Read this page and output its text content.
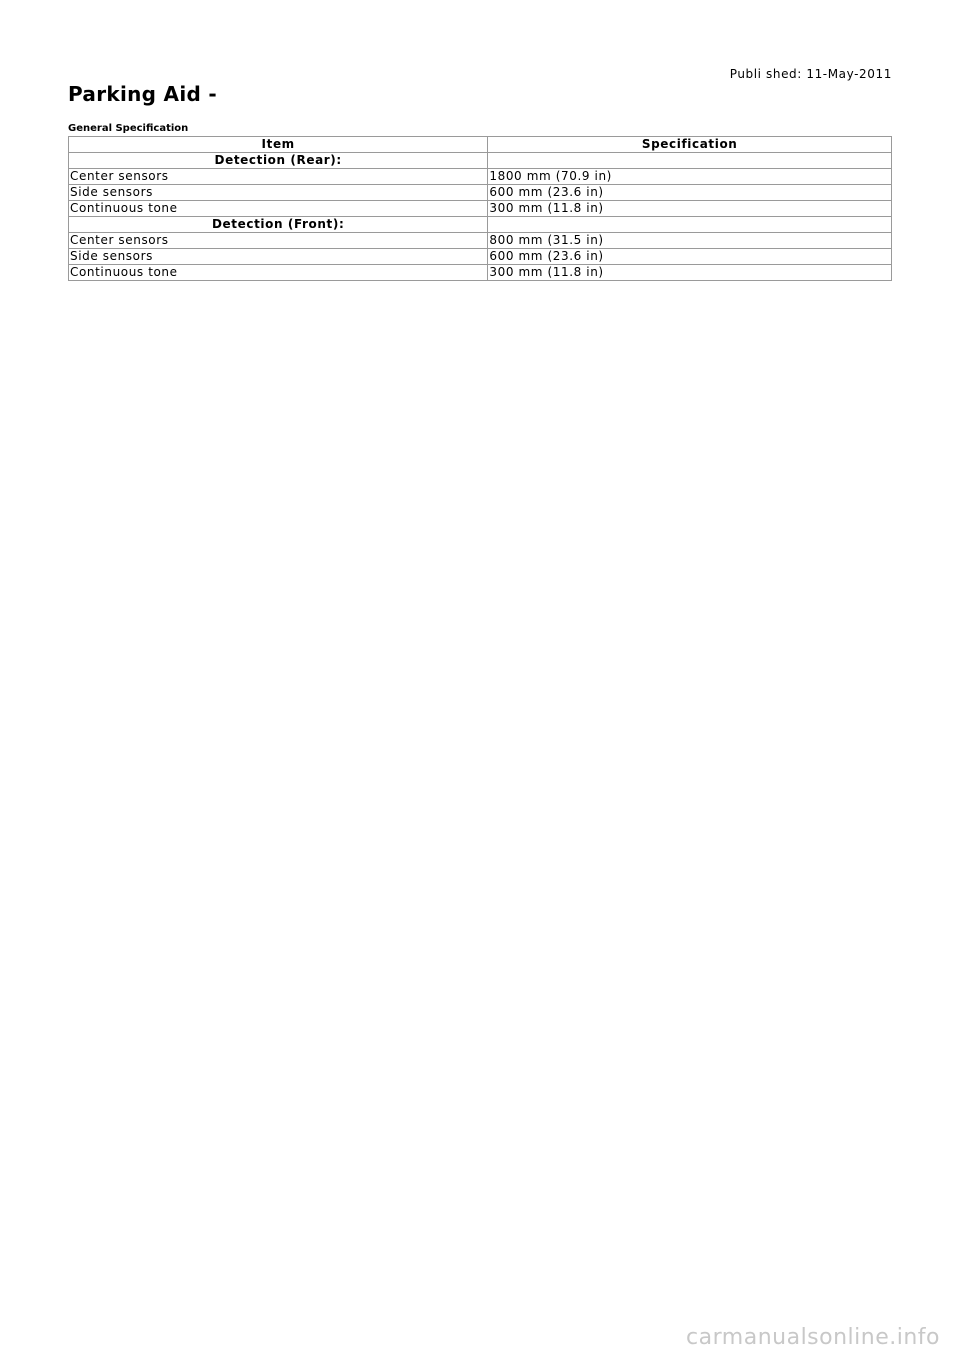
Publi shed: 11-May-2011
Parking Aid -
General Specification
Item	Specification
Detection (Rear):	
Center sensors	1800 mm (70.9 in)
Side sensors	600 mm (23.6 in)
Continuous tone	300 mm (11.8 in)
Detection (Front):	
Center sensors	800 mm (31.5 in)
Side sensors	600 mm (23.6 in)
Continuous tone	300 mm (11.8 in)
carmanualsonline.info
